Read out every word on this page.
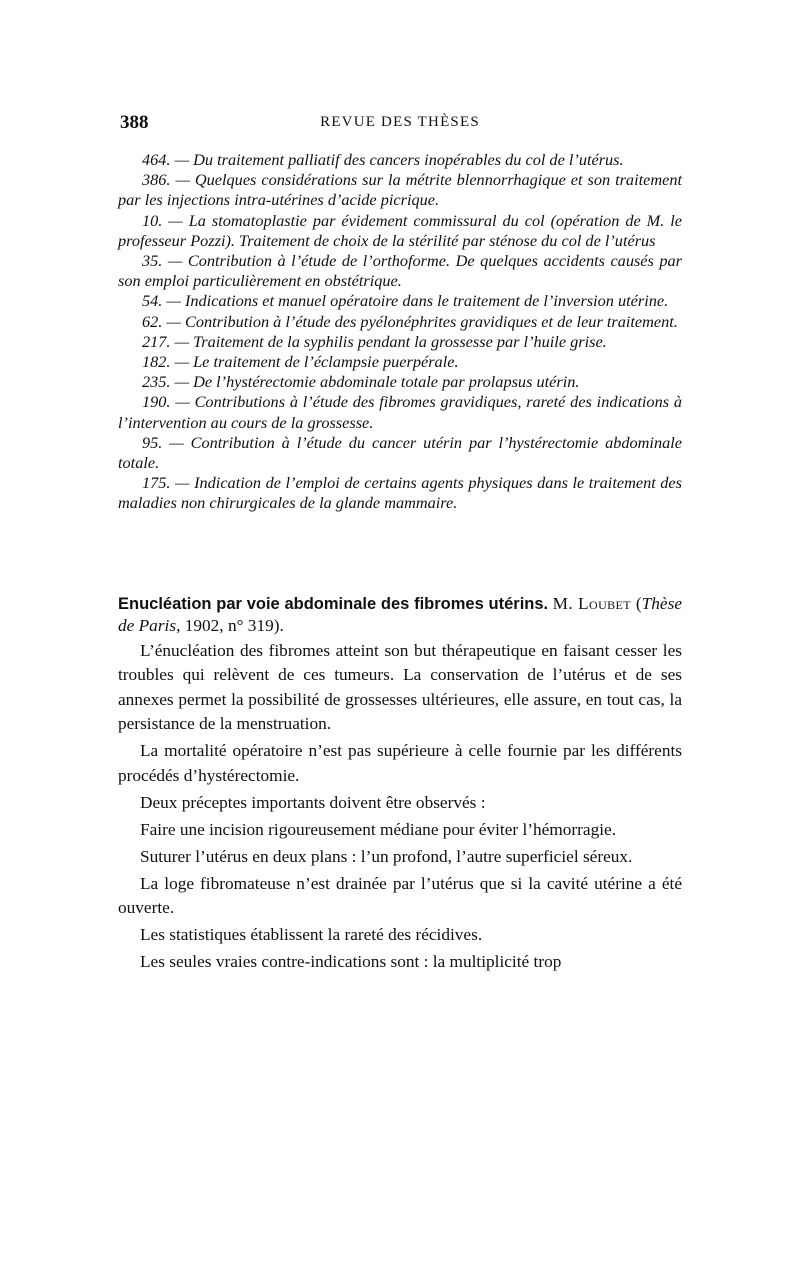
388	REVUE DES THÈSES

464. — Du traitement palliatif des cancers inopérables du col de l’utérus.

386. — Quelques considérations sur la métrite blennorrhagique et son traitement par les injections intra-utérines d’acide picrique.

10. — La stomatoplastie par évidement commissural du col (opération de M. le professeur Pozzi). Traitement de choix de la stérilité par sténose du col de l’utérus

35. — Contribution à l’étude de l’orthoforme. De quelques accidents causés par son emploi particulièrement en obstétrique.

54. — Indications et manuel opératoire dans le traitement de l’inversion utérine.

62. — Contribution à l’étude des pyélonéphrites gravidiques et de leur traitement.

217. — Traitement de la syphilis pendant la grossesse par l’huile grise.

182. — Le traitement de l’éclampsie puerpérale.

235. — De l’hystérectomie abdominale totale par prolapsus utérin.

190. — Contributions à l’étude des fibromes gravidiques, rareté des indications à l’intervention au cours de la grossesse.

95. — Contribution à l’étude du cancer utérin par l’hystérectomie abdominale totale.

175. — Indication de l’emploi de certains agents physiques dans le traitement des maladies non chirurgicales de la glande mammaire.

Enucléation par voie abdominale des fibromes utérins. M. Loubet (Thèse de Paris, 1902, n° 319).

L’énucléation des fibromes atteint son but thérapeutique en faisant cesser les troubles qui relèvent de ces tumeurs. La conservation de l’utérus et de ses annexes permet la possibilité de grossesses ultérieures, elle assure, en tout cas, la persistance de la menstruation.

La mortalité opératoire n’est pas supérieure à celle fournie par les différents procédés d’hystérectomie.

Deux préceptes importants doivent être observés :

Faire une incision rigoureusement médiane pour éviter l’hémorragie.

Suturer l’utérus en deux plans : l’un profond, l’autre superficiel séreux.

La loge fibromateuse n’est drainée par l’utérus que si la cavité utérine a été ouverte.

Les statistiques établissent la rareté des récidives.

Les seules vraies contre-indications sont : la multiplicité trop
